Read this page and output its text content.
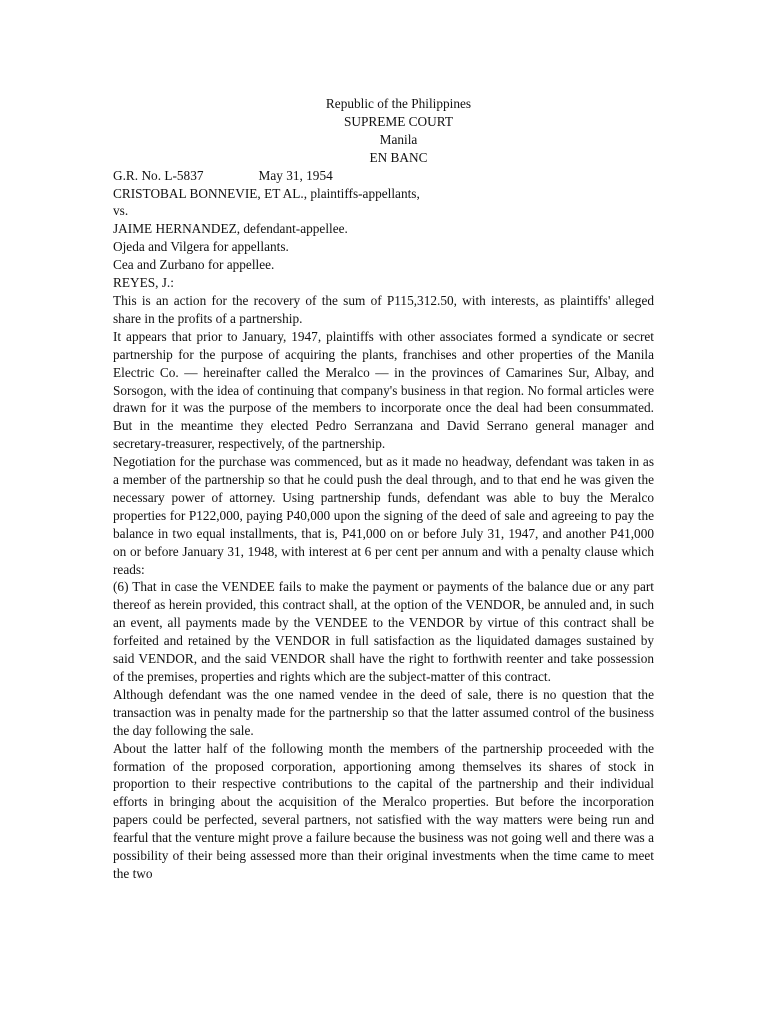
Republic of the Philippines
SUPREME COURT
Manila
EN BANC
G.R. No. L-5837	May 31, 1954
CRISTOBAL BONNEVIE, ET AL., plaintiffs-appellants,
vs.
JAIME HERNANDEZ, defendant-appellee.
Ojeda and Vilgera for appellants.
Cea and Zurbano for appellee.
REYES, J.:
This is an action for the recovery of the sum of P115,312.50, with interests, as plaintiffs' alleged share in the profits of a partnership.
It appears that prior to January, 1947, plaintiffs with other associates formed a syndicate or secret partnership for the purpose of acquiring the plants, franchises and other properties of the Manila Electric Co. — hereinafter called the Meralco — in the provinces of Camarines Sur, Albay, and Sorsogon, with the idea of continuing that company's business in that region. No formal articles were drawn for it was the purpose of the members to incorporate once the deal had been consummated. But in the meantime they elected Pedro Serranzana and David Serrano general manager and secretary-treasurer, respectively, of the partnership.
Negotiation for the purchase was commenced, but as it made no headway, defendant was taken in as a member of the partnership so that he could push the deal through, and to that end he was given the necessary power of attorney. Using partnership funds, defendant was able to buy the Meralco properties for P122,000, paying P40,000 upon the signing of the deed of sale and agreeing to pay the balance in two equal installments, that is, P41,000 on or before July 31, 1947, and another P41,000 on or before January 31, 1948, with interest at 6 per cent per annum and with a penalty clause which reads:
(6) That in case the VENDEE fails to make the payment or payments of the balance due or any part thereof as herein provided, this contract shall, at the option of the VENDOR, be annuled and, in such an event, all payments made by the VENDEE to the VENDOR by virtue of this contract shall be forfeited and retained by the VENDOR in full satisfaction as the liquidated damages sustained by said VENDOR, and the said VENDOR shall have the right to forthwith reenter and take possession of the premises, properties and rights which are the subject-matter of this contract.
Although defendant was the one named vendee in the deed of sale, there is no question that the transaction was in penalty made for the partnership so that the latter assumed control of the business the day following the sale.
About the latter half of the following month the members of the partnership proceeded with the formation of the proposed corporation, apportioning among themselves its shares of stock in proportion to their respective contributions to the capital of the partnership and their individual efforts in bringing about the acquisition of the Meralco properties. But before the incorporation papers could be perfected, several partners, not satisfied with the way matters were being run and fearful that the venture might prove a failure because the business was not going well and there was a possibility of their being assessed more than their original investments when the time came to meet the two
